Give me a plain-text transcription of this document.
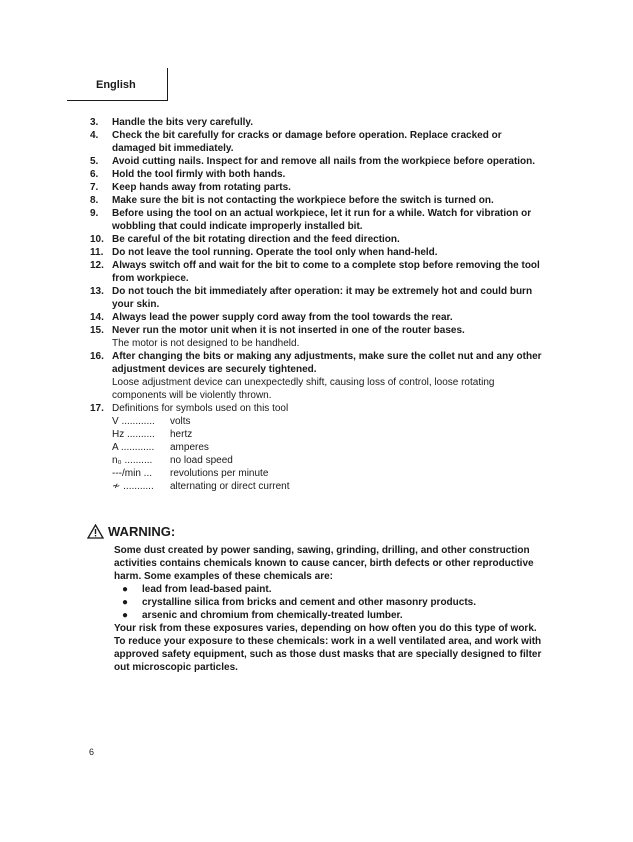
English
3.	Handle the bits very carefully.
4.	Check the bit carefully for cracks or damage before operation. Replace cracked or damaged bit immediately.
5.	Avoid cutting nails. Inspect for and remove all nails from the workpiece before operation.
6.	Hold the tool firmly with both hands.
7.	Keep hands away from rotating parts.
8.	Make sure the bit is not contacting the workpiece before the switch is turned on.
9.	Before using the tool on an actual workpiece, let it run for a while. Watch for vibration or wobbling that could indicate improperly installed bit.
10. Be careful of the bit rotating direction and the feed direction.
11. Do not leave the tool running. Operate the tool only when hand-held.
12. Always switch off and wait for the bit to come to a complete stop before removing the tool from workpiece.
13. Do not touch the bit immediately after operation: it may be extremely hot and could burn your skin.
14. Always lead the power supply cord away from the tool towards the rear.
15. Never run the motor unit when it is not inserted in one of the router bases.
The motor is not designed to be handheld.
16. After changing the bits or making any adjustments, make sure the collet nut and any other adjustment devices are securely tightened.
Loose adjustment device can unexpectedly shift, causing loss of control, loose rotating components will be violently thrown.
17. Definitions for symbols used on this tool
V ............	volts
Hz ..........	hertz
A ............	amperes
n₀ ..........	no load speed
---/min ...	revolutions per minute
≁ ...........	alternating or direct current
WARNING:
Some dust created by power sanding, sawing, grinding, drilling, and other construction activities contains chemicals known to cause cancer, birth defects or other reproductive harm. Some examples of these chemicals are:
●	lead from lead-based paint.
●	crystalline silica from bricks and cement and other masonry products.
●	arsenic and chromium from chemically-treated lumber.
Your risk from these exposures varies, depending on how often you do this type of work. To reduce your exposure to these chemicals: work in a well ventilated area, and work with approved safety equipment, such as those dust masks that are specially designed to filter out microscopic particles.
6
